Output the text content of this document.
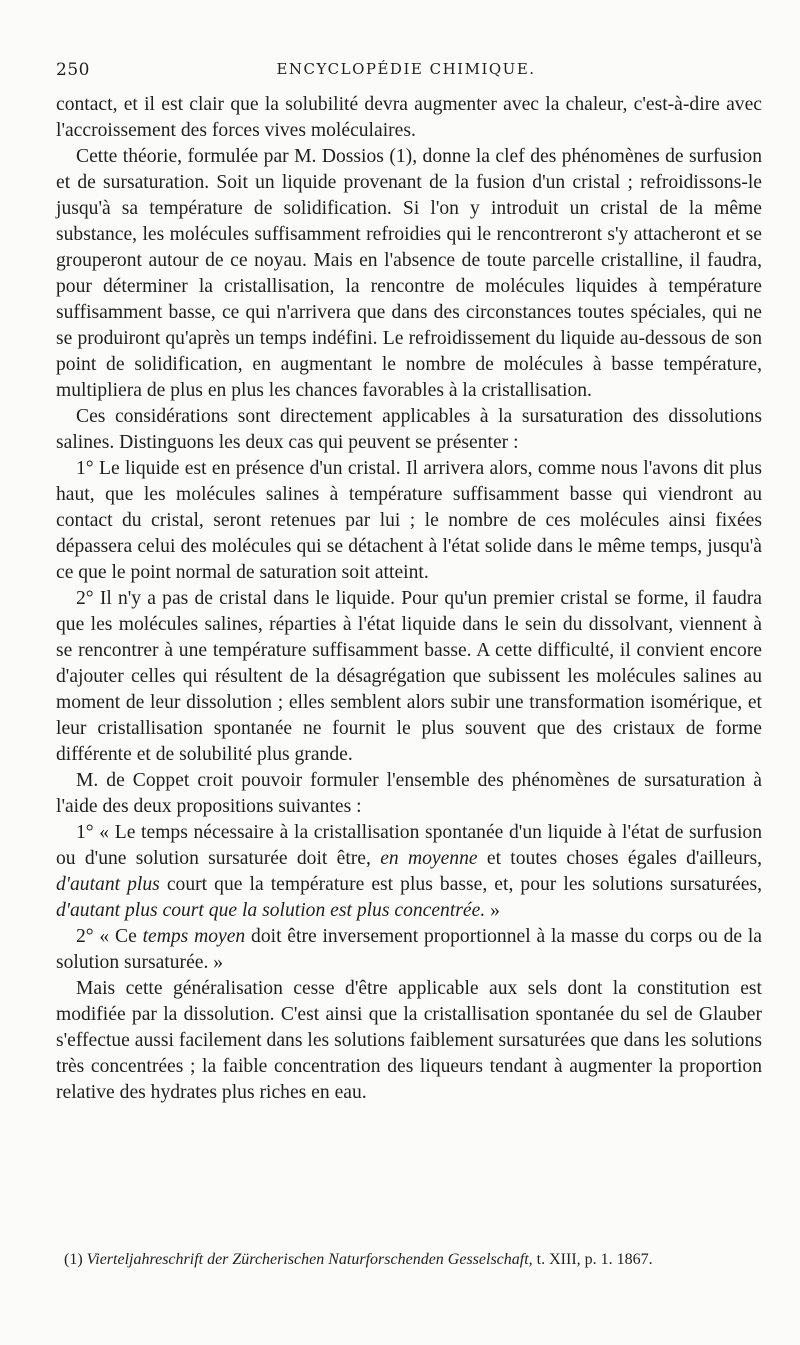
250	ENCYCLOPÉDIE CHIMIQUE.

contact, et il est clair que la solubilité devra augmenter avec la chaleur, c'est-à-dire avec l'accroissement des forces vives moléculaires.

Cette théorie, formulée par M. Dossios (1), donne la clef des phénomènes de surfusion et de sursaturation. Soit un liquide provenant de la fusion d'un cristal ; refroidissons-le jusqu'à sa température de solidification. Si l'on y introduit un cristal de la même substance, les molécules suffisamment refroidies qui le rencontreront s'y attacheront et se grouperont autour de ce noyau. Mais en l'absence de toute parcelle cristalline, il faudra, pour déterminer la cristallisation, la rencontre de molécules liquides à température suffisamment basse, ce qui n'arrivera que dans des circonstances toutes spéciales, qui ne se produiront qu'après un temps indéfini. Le refroidissement du liquide au-dessous de son point de solidification, en augmentant le nombre de molécules à basse température, multipliera de plus en plus les chances favorables à la cristallisation.

Ces considérations sont directement applicables à la sursaturation des dissolutions salines. Distinguons les deux cas qui peuvent se présenter :

1° Le liquide est en présence d'un cristal. Il arrivera alors, comme nous l'avons dit plus haut, que les molécules salines à température suffisamment basse qui viendront au contact du cristal, seront retenues par lui ; le nombre de ces molécules ainsi fixées dépassera celui des molécules qui se détachent à l'état solide dans le même temps, jusqu'à ce que le point normal de saturation soit atteint.

2° Il n'y a pas de cristal dans le liquide. Pour qu'un premier cristal se forme, il faudra que les molécules salines, réparties à l'état liquide dans le sein du dissolvant, viennent à se rencontrer à une température suffisamment basse. A cette difficulté, il convient encore d'ajouter celles qui résultent de la désagrégation que subissent les molécules salines au moment de leur dissolution ; elles semblent alors subir une transformation isomérique, et leur cristallisation spontanée ne fournit le plus souvent que des cristaux de forme différente et de solubilité plus grande.

M. de Coppet croit pouvoir formuler l'ensemble des phénomènes de sursaturation à l'aide des deux propositions suivantes :

1° « Le temps nécessaire à la cristallisation spontanée d'un liquide à l'état de surfusion ou d'une solution sursaturée doit être, en moyenne et toutes choses égales d'ailleurs, d'autant plus court que la température est plus basse, et, pour les solutions sursaturées, d'autant plus court que la solution est plus concentrée. »

2° « Ce temps moyen doit être inversement proportionnel à la masse du corps ou de la solution sursaturée. »

Mais cette généralisation cesse d'être applicable aux sels dont la constitution est modifiée par la dissolution. C'est ainsi que la cristallisation spontanée du sel de Glauber s'effectue aussi facilement dans les solutions faiblement sursaturées que dans les solutions très concentrées ; la faible concentration des liqueurs tendant à augmenter la proportion relative des hydrates plus riches en eau.

(1) Vierteljahreschrift der Zürcherischen Naturforschenden Gesselschaft, t. XIII, p. 1. 1867.
